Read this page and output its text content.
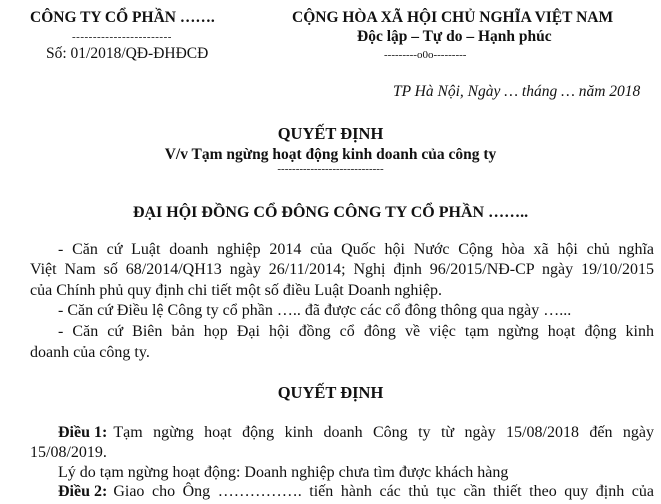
CÔNG TY CỔ PHẦN …….
------------------------
Số: 01/2018/QĐ-ĐHĐCĐ
CỘNG HÒA XÃ HỘI CHỦ NGHĨA VIỆT NAM
Độc lập – Tự do – Hạnh phúc
---------o0o---------
TP Hà Nội, Ngày … tháng … năm 2018
QUYẾT ĐỊNH
V/v Tạm ngừng hoạt động kinh doanh của công ty
-----------------------------
ĐẠI HỘI ĐỒNG CỔ ĐÔNG CÔNG TY CỔ PHẦN ……..
- Căn cứ Luật doanh nghiệp 2014 của Quốc hội Nước Cộng hòa xã hội chủ nghĩa
Việt Nam số 68/2014/QH13 ngày 26/11/2014; Nghị định 96/2015/NĐ-CP ngày 19/10/2015
của Chính phủ quy định chi tiết một số điều Luật Doanh nghiệp.
- Căn cứ Điều lệ Công ty cổ phần ….. đã được các cổ đông thông qua ngày …...
- Căn cứ Biên bản họp Đại hội đồng cổ đông về việc tạm ngừng hoạt động kinh
doanh của công ty.
QUYẾT ĐỊNH
Điều 1: Tạm ngừng hoạt động kinh doanh Công ty từ ngày 15/08/2018 đến ngày
15/08/2019.
Lý do tạm ngừng hoạt động: Doanh nghiệp chưa tìm được khách hàng
Điều 2: Giao cho Ông ……………. tiến hành các thủ tục cần thiết theo quy định của
